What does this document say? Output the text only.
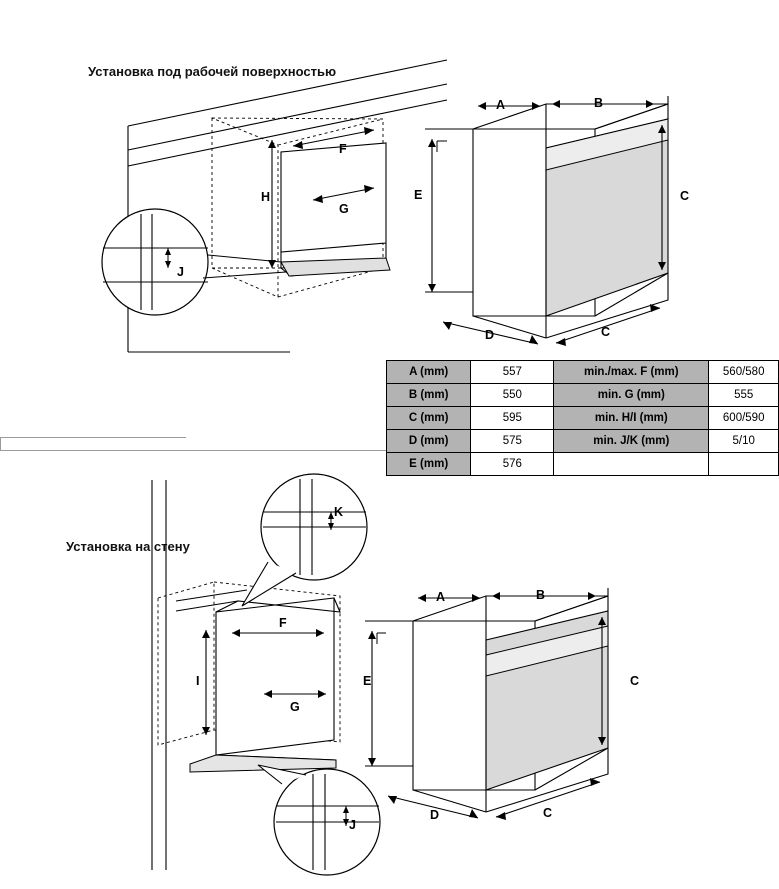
Установка под рабочей поверхностью
F
H
G
J
A	B
C
E
D	C

A (mm)	557	min./max. F (mm)	560/580
B (mm)	550	min. G (mm)	555
C (mm)	595	min. H/I (mm)	600/590
D (mm)	575	min. J/K (mm)	5/10
E (mm)	576		
Установка на стену
K
F
I
G
J
A	B
C
E
D	C
